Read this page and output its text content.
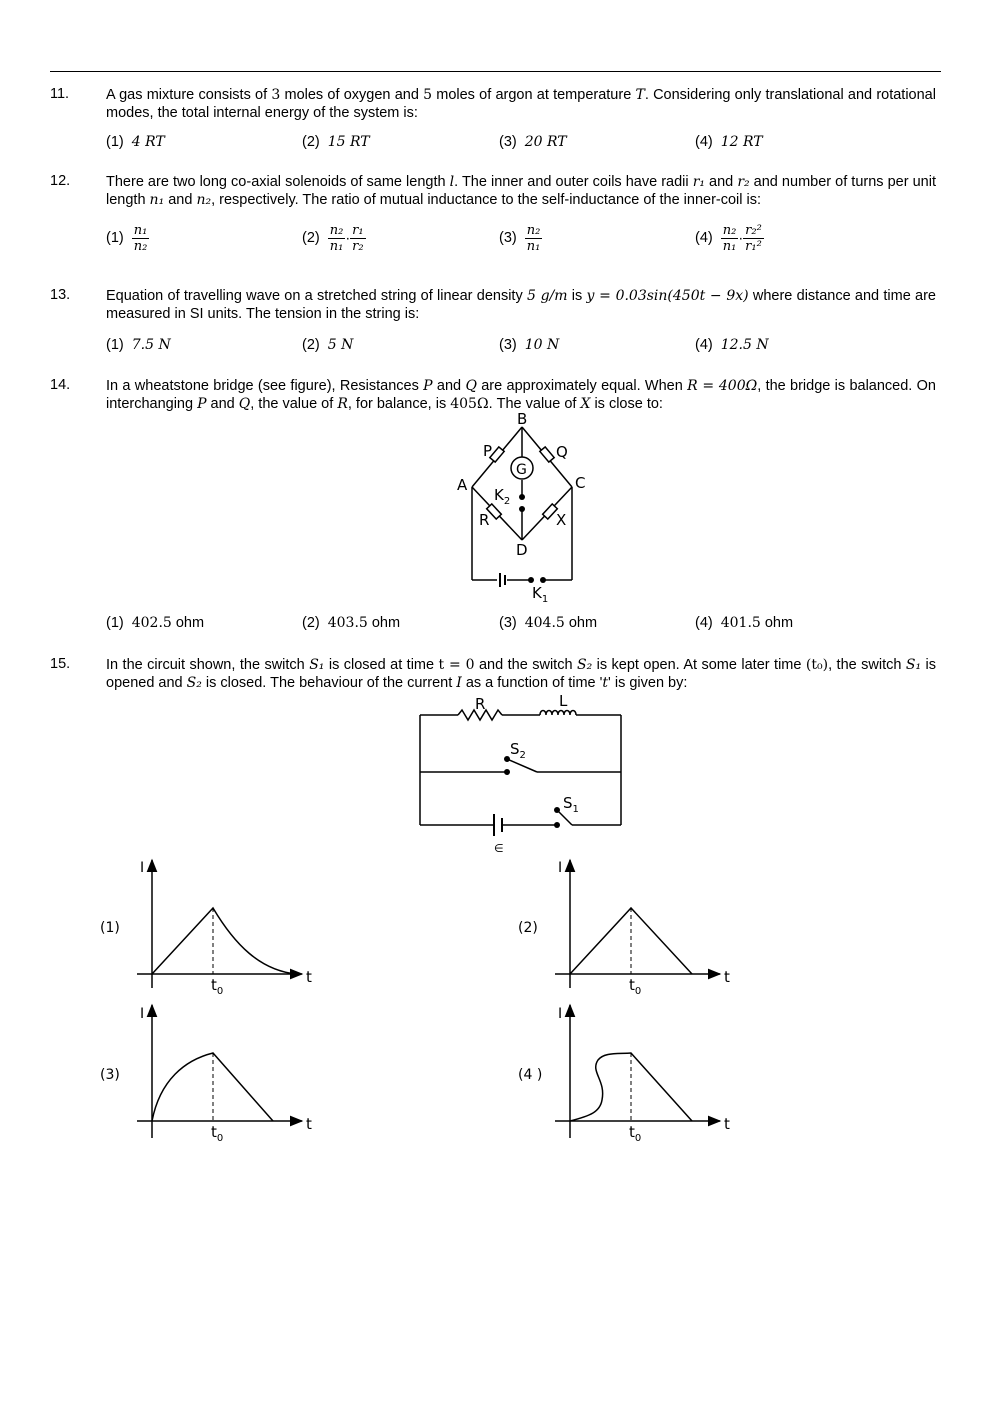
11.	A gas mixture consists of 3 moles of oxygen and 5 moles of argon at temperature T. Considering only translational and rotational modes, the total internal energy of the system is:
(1) 4 RT	(2) 15 RT	(3) 20 RT	(4) 12 RT
12. There are two long co-axial solenoids of same length l. The inner and outer coils have radii r₁ and r₂ and number of turns per unit length n₁ and n₂, respectively. The ratio of mutual inductance to the self-inductance of the inner-coil is:
$(1) \frac{\text{n₁}}{\text{n₂}}$	$(2) \frac{\text{n₂}}{\text{n₁}} \cdot \frac{\text{r₁}}{\text{r₂}}$	$(3) \frac{\text{n₂}}{\text{n₁}}$	$(4) \frac{\text{n₂}}{\text{n₁}} \cdot \frac{\text{r₂²}}{\text{r₁²}}$
13. Equation of travelling wave on a stretched string of linear density 5 g/m is y = 0.03sin(450t − 9x) where distance and time are measured in SI units. The tension in the string is:
(1) 7.5 N	(2) 5 N	(3) 10 N	(4) 12.5 N
14. In a wheatstone bridge (see figure), Resistances P and Q are approximately equal. When R = 400Ω, the bridge is balanced. On interchanging P and Q, the value of R, for balance, is 405Ω. The value of X is close to:
(1) 402.5 ohm	(2) 403.5 ohm	(3) 404.5 ohm	(4) 401.5 ohm
B
P	Q
G
A	C
$K_2$
R	X
D
$K_1$
15. In the circuit shown, the switch S₁ is closed at time t = 0 and the switch S₂ is kept open. At some later time (t₀), the switch S₁ is opened and S₂ is closed. The behaviour of the current I as a function of time 't' is given by:
R	L
$S_2$
$S_1$
∈
(1)
I
t
$t_0$
(2)
I
t
$t_0$
(3)
I
t
$t_0$
(4 )
I
t
$t_0$
